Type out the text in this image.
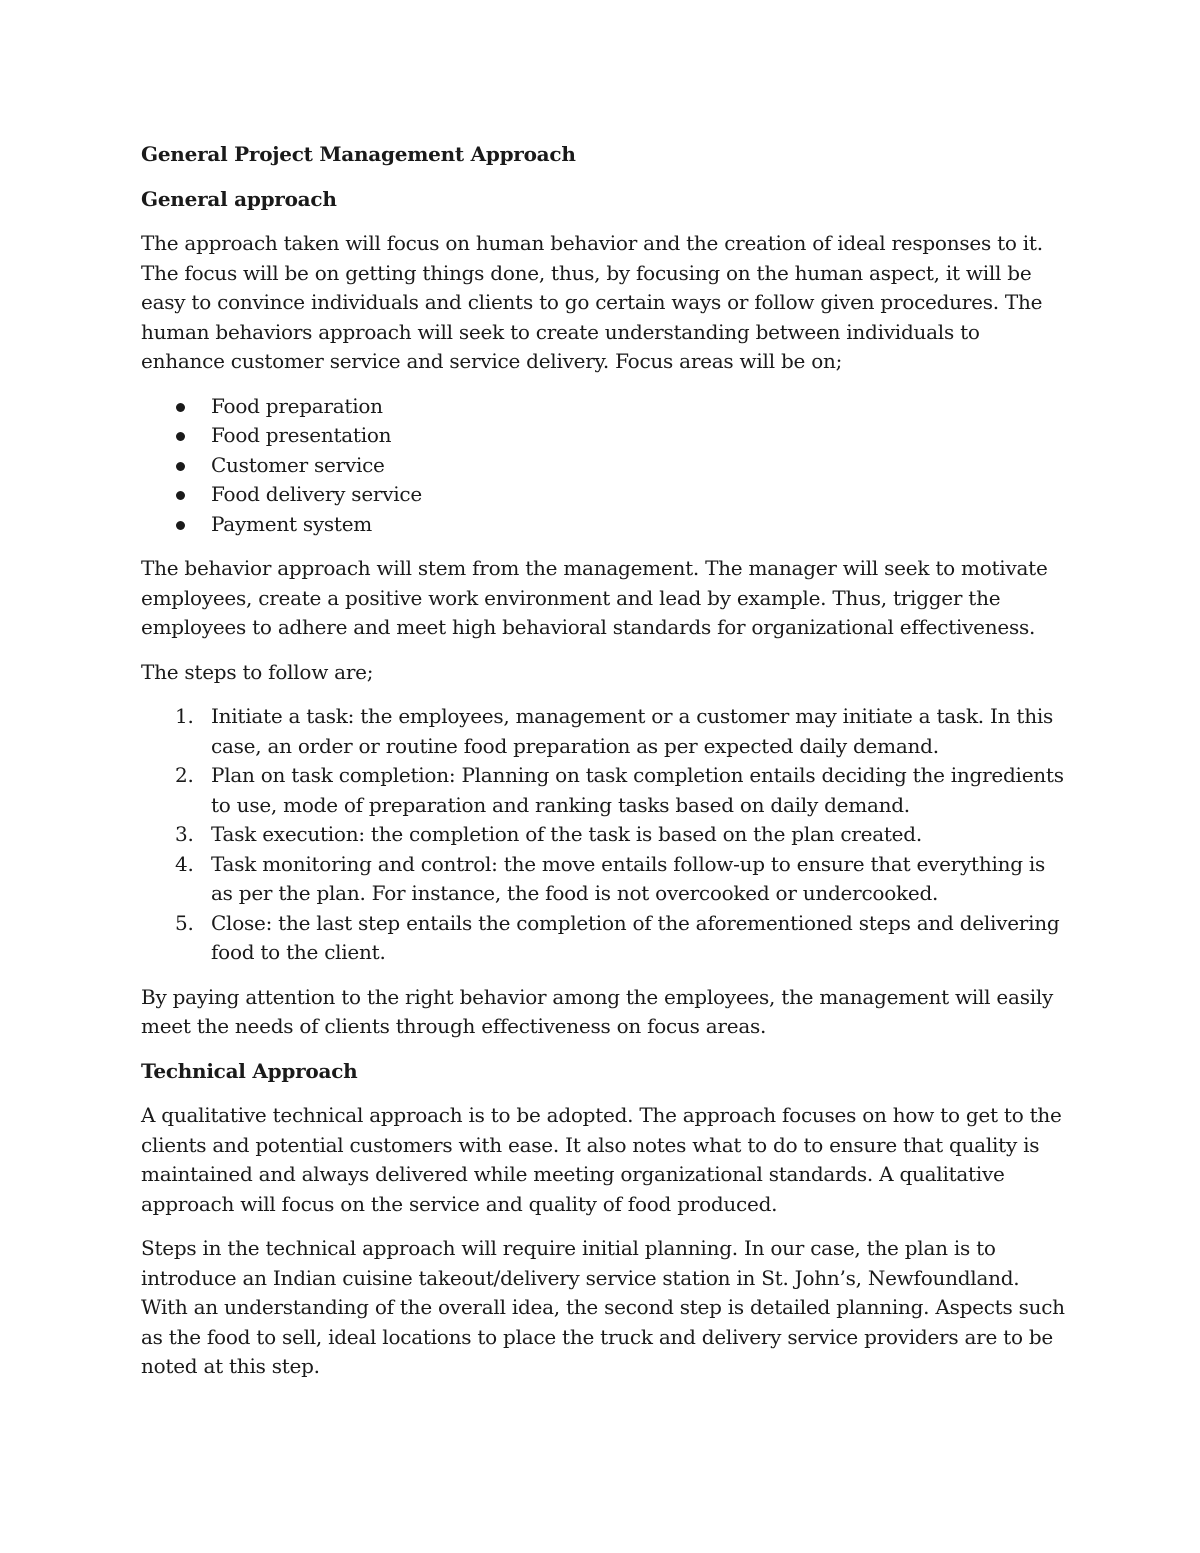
General Project Management Approach
General approach

The approach taken will focus on human behavior and the creation of ideal responses to it. The focus will be on getting things done, thus, by focusing on the human aspect, it will be easy to convince individuals and clients to go certain ways or follow given procedures. The human behaviors approach will seek to create understanding between individuals to enhance customer service and service delivery. Focus areas will be on;

Food preparation
Food presentation
Customer service
Food delivery service
Payment system

The behavior approach will stem from the management. The manager will seek to motivate employees, create a positive work environment and lead by example. Thus, trigger the employees to adhere and meet high behavioral standards for organizational effectiveness.

The steps to follow are;

1. Initiate a task: the employees, management or a customer may initiate a task. In this case, an order or routine food preparation as per expected daily demand.
2. Plan on task completion: Planning on task completion entails deciding the ingredients to use, mode of preparation and ranking tasks based on daily demand.
3. Task execution: the completion of the task is based on the plan created.
4. Task monitoring and control: the move entails follow-up to ensure that everything is as per the plan. For instance, the food is not overcooked or undercooked.
5. Close: the last step entails the completion of the aforementioned steps and delivering food to the client.

By paying attention to the right behavior among the employees, the management will easily meet the needs of clients through effectiveness on focus areas.

Technical Approach

A qualitative technical approach is to be adopted. The approach focuses on how to get to the clients and potential customers with ease. It also notes what to do to ensure that quality is maintained and always delivered while meeting organizational standards. A qualitative approach will focus on the service and quality of food produced.

Steps in the technical approach will require initial planning. In our case, the plan is to introduce an Indian cuisine takeout/delivery service station in St. John’s, Newfoundland. With an understanding of the overall idea, the second step is detailed planning. Aspects such as the food to sell, ideal locations to place the truck and delivery service providers are to be noted at this step.
